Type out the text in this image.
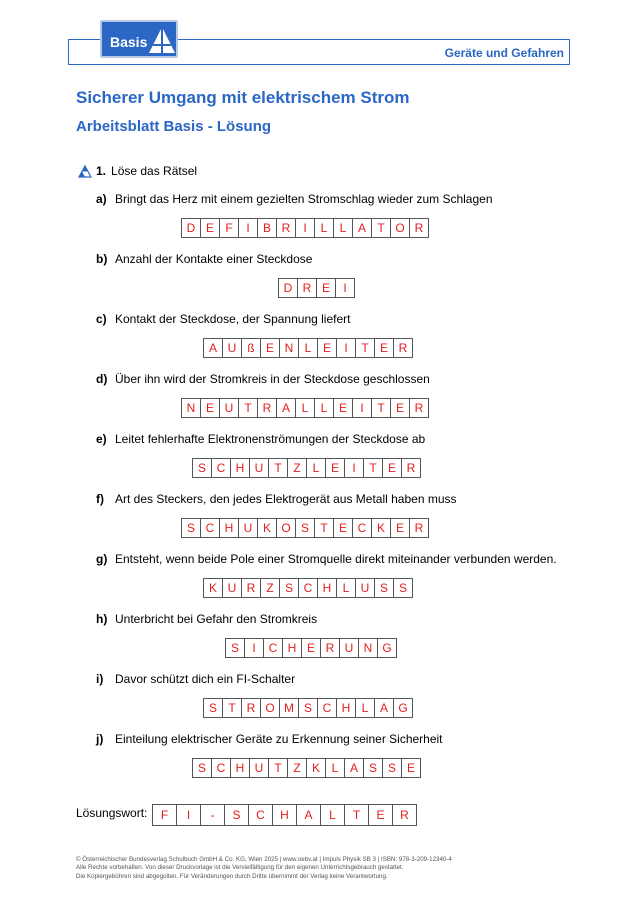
Basis
Geräte und Gefahren
Sicherer Umgang mit elektrischem Strom
Arbeitsblatt Basis - Lösung
1. Löse das Rätsel
a) Bringt das Herz mit einem gezielten Stromschlag wieder zum Schlagen
D E F	I	B R	I	L	L A T O R
b) Anzahl der Kontakte einer Steckdose
D R E	I
c) Kontakt der Steckdose, der Spannung liefert
A U ß E N L E	I	T E R
d) Über ihn wird der Stromkreis in der Steckdose geschlossen
N E U T R A L	L E	I	T E R
e) Leitet fehlerhafte Elektronenströmungen der Steckdose ab
S C H U T Z L E	I	T E R
f) Art des Steckers, den jedes Elektrogerät aus Metall haben muss
S C H U K O S T E C K E R
g) Entsteht, wenn beide Pole einer Stromquelle direkt miteinander verbunden werden.
K U R Z S C H L U S S
h) Unterbricht bei Gefahr den Stromkreis
S	I	C H E R U N G
i) Davor schützt dich ein FI-Schalter
S T R O M S C H L A G
j) Einteilung elektrischer Geräte zu Erkennung seiner Sicherheit
S C H U T Z K L A S S E
Lösungswort:	F	I	-	S	C	H	A	L	T	E	R
© Österreichischer Bundesverlag Schulbuch GmbH & Co. KG, Wien 2025 | www.oebv.at | Impuls Physik SB 3 | ISBN: 978-3-209-12340-4
Alle Rechte vorbehalten. Von dieser Druckvorlage ist die Vervielfältigung für den eigenen Unterrichtsgebrauch gestattet.
Die Kopiergebühren sind abgegolten. Für Veränderungen durch Dritte übernimmt der Verlag keine Verantwortung.
